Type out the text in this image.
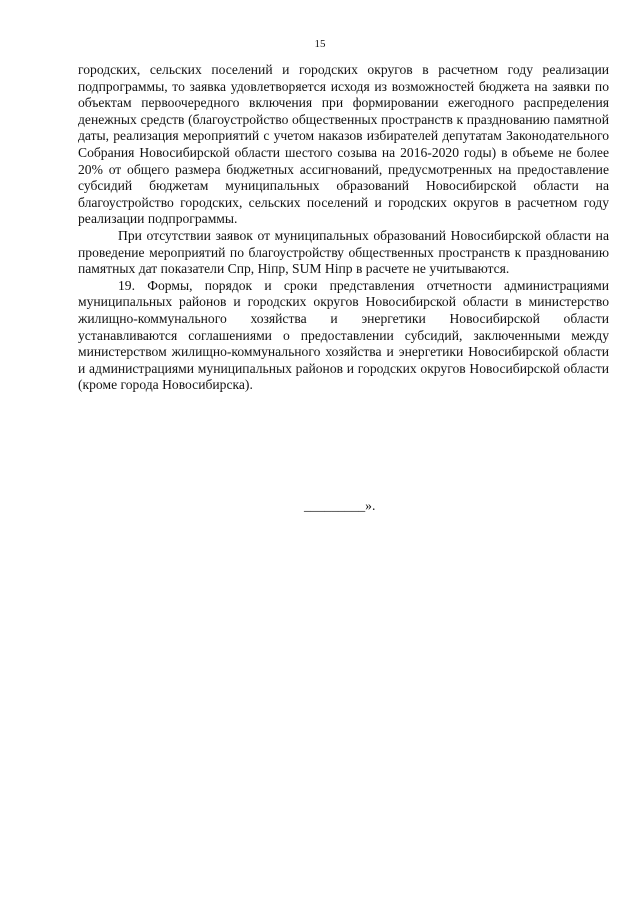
15

городских, сельских поселений и городских округов в расчетном году реализации подпрограммы, то заявка удовлетворяется исходя из возможностей бюджета на заявки по объектам первоочередного включения при формировании ежегодного распределения денежных средств (благоустройство общественных пространств к празднованию памятной даты, реализация мероприятий с учетом наказов избирателей депутатам Законодательного Собрания Новосибирской области шестого созыва на 2016-2020 годы) в объеме не более 20% от общего размера бюджетных ассигнований, предусмотренных на предоставление субсидий бюджетам муниципальных образований Новосибирской области на благоустройство городских, сельских поселений и городских округов в расчетном году реализации подпрограммы.

При отсутствии заявок от муниципальных образований Новосибирской области на проведение мероприятий по благоустройству общественных пространств к празднованию памятных дат показатели Спр, Нiпр, SUM Нiпр в расчете не учитываются.

19. Формы, порядок и сроки представления отчетности администрациями муниципальных районов и городских округов Новосибирской области в министерство жилищно-коммунального хозяйства и энергетики Новосибирской области устанавливаются соглашениями о предоставлении субсидий, заключенными между министерством жилищно-коммунального хозяйства и энергетики Новосибирской области и администрациями муниципальных районов и городских округов Новосибирской области (кроме города Новосибирска).

_________».
